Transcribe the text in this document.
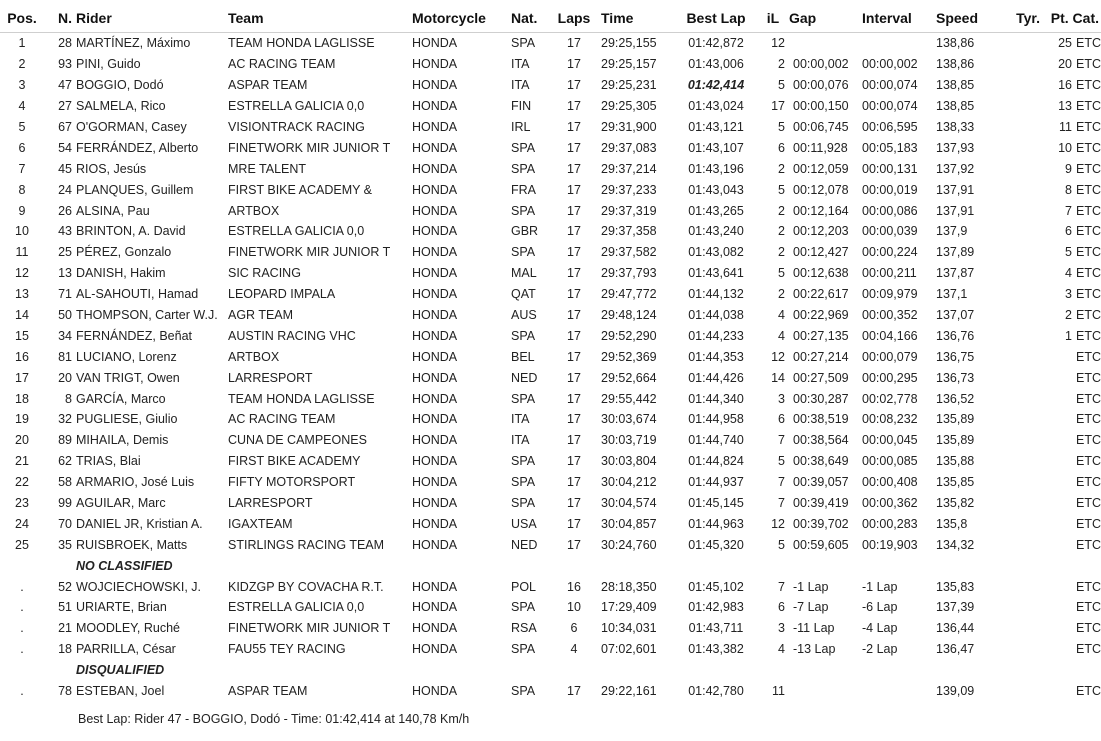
Pos.	N.	Rider	Team	Motorcycle	Nat.	Laps	Time	Best Lap	iL	Gap	Interval	Speed	Tyr.	Pt. Cat.	
1	28	MARTÍNEZ, Máximo	TEAM HONDA LAGLISSE	HONDA	SPA	17	29:25,155	01:42,872	12			138,86		25	ETC
2	93	PINI, Guido	AC RACING TEAM	HONDA	ITA	17	29:25,157	01:43,006	2	00:00,002	00:00,002	138,86		20	ETC
3	47	BOGGIO, Dodó	ASPAR TEAM	HONDA	ITA	17	29:25,231	01:42,414	5	00:00,076	00:00,074	138,85		16	ETC
4	27	SALMELA, Rico	ESTRELLA GALICIA 0,0	HONDA	FIN	17	29:25,305	01:43,024	17	00:00,150	00:00,074	138,85		13	ETC
5	67	O'GORMAN, Casey	VISIONTRACK RACING	HONDA	IRL	17	29:31,900	01:43,121	5	00:06,745	00:06,595	138,33		11	ETC
6	54	FERRÁNDEZ, Alberto	FINETWORK MIR JUNIOR T	HONDA	SPA	17	29:37,083	01:43,107	6	00:11,928	00:05,183	137,93		10	ETC
7	45	RIOS, Jesús	MRE TALENT	HONDA	SPA	17	29:37,214	01:43,196	2	00:12,059	00:00,131	137,92		9	ETC
8	24	PLANQUES, Guillem	FIRST BIKE ACADEMY &	HONDA	FRA	17	29:37,233	01:43,043	5	00:12,078	00:00,019	137,91		8	ETC
9	26	ALSINA, Pau	ARTBOX	HONDA	SPA	17	29:37,319	01:43,265	2	00:12,164	00:00,086	137,91		7	ETC
10	43	BRINTON, A. David	ESTRELLA GALICIA 0,0	HONDA	GBR	17	29:37,358	01:43,240	2	00:12,203	00:00,039	137,9		6	ETC
11	25	PÉREZ, Gonzalo	FINETWORK MIR JUNIOR T	HONDA	SPA	17	29:37,582	01:43,082	2	00:12,427	00:00,224	137,89		5	ETC
12	13	DANISH, Hakim	SIC RACING	HONDA	MAL	17	29:37,793	01:43,641	5	00:12,638	00:00,211	137,87		4	ETC
13	71	AL-SAHOUTI, Hamad	LEOPARD IMPALA	HONDA	QAT	17	29:47,772	01:44,132	2	00:22,617	00:09,979	137,1		3	ETC
14	50	THOMPSON, Carter W.J.	AGR TEAM	HONDA	AUS	17	29:48,124	01:44,038	4	00:22,969	00:00,352	137,07		2	ETC
15	34	FERNÁNDEZ, Beñat	AUSTIN RACING VHC	HONDA	SPA	17	29:52,290	01:44,233	4	00:27,135	00:04,166	136,76		1	ETC
16	81	LUCIANO, Lorenz	ARTBOX	HONDA	BEL	17	29:52,369	01:44,353	12	00:27,214	00:00,079	136,75			ETC
17	20	VAN TRIGT, Owen	LARRESPORT	HONDA	NED	17	29:52,664	01:44,426	14	00:27,509	00:00,295	136,73			ETC
18	8	GARCÍA, Marco	TEAM HONDA LAGLISSE	HONDA	SPA	17	29:55,442	01:44,340	3	00:30,287	00:02,778	136,52			ETC
19	32	PUGLIESE, Giulio	AC RACING TEAM	HONDA	ITA	17	30:03,674	01:44,958	6	00:38,519	00:08,232	135,89			ETC
20	89	MIHAILA, Demis	CUNA DE CAMPEONES	HONDA	ITA	17	30:03,719	01:44,740	7	00:38,564	00:00,045	135,89			ETC
21	62	TRIAS, Blai	FIRST BIKE ACADEMY	HONDA	SPA	17	30:03,804	01:44,824	5	00:38,649	00:00,085	135,88			ETC
22	58	ARMARIO, José Luis	FIFTY MOTORSPORT	HONDA	SPA	17	30:04,212	01:44,937	7	00:39,057	00:00,408	135,85			ETC
23	99	AGUILAR, Marc	LARRESPORT	HONDA	SPA	17	30:04,574	01:45,145	7	00:39,419	00:00,362	135,82			ETC
24	70	DANIEL JR, Kristian A.	IGAXTEAM	HONDA	USA	17	30:04,857	01:44,963	12	00:39,702	00:00,283	135,8			ETC
25	35	RUISBROEK, Matts	STIRLINGS RACING TEAM	HONDA	NED	17	30:24,760	01:45,320	5	00:59,605	00:19,903	134,32			ETC
		NO CLASSIFIED													
.	52	WOJCIECHOWSKI, J.	KIDZGP BY COVACHA R.T.	HONDA	POL	16	28:18,350	01:45,102	7	-1 Lap	-1 Lap	135,83			ETC
.	51	URIARTE, Brian	ESTRELLA GALICIA 0,0	HONDA	SPA	10	17:29,409	01:42,983	6	-7 Lap	-6 Lap	137,39			ETC
.	21	MOODLEY, Ruché	FINETWORK MIR JUNIOR T	HONDA	RSA	6	10:34,031	01:43,711	3	-11 Lap	-4 Lap	136,44			ETC
.	18	PARRILLA, César	FAU55 TEY RACING	HONDA	SPA	4	07:02,601	01:43,382	4	-13 Lap	-2 Lap	136,47			ETC
		DISQUALIFIED													
.	78	ESTEBAN, Joel	ASPAR TEAM	HONDA	SPA	17	29:22,161	01:42,780	11			139,09			ETC
Best Lap: Rider 47 - BOGGIO, Dodó - Time: 01:42,414 at 140,78 Km/h
